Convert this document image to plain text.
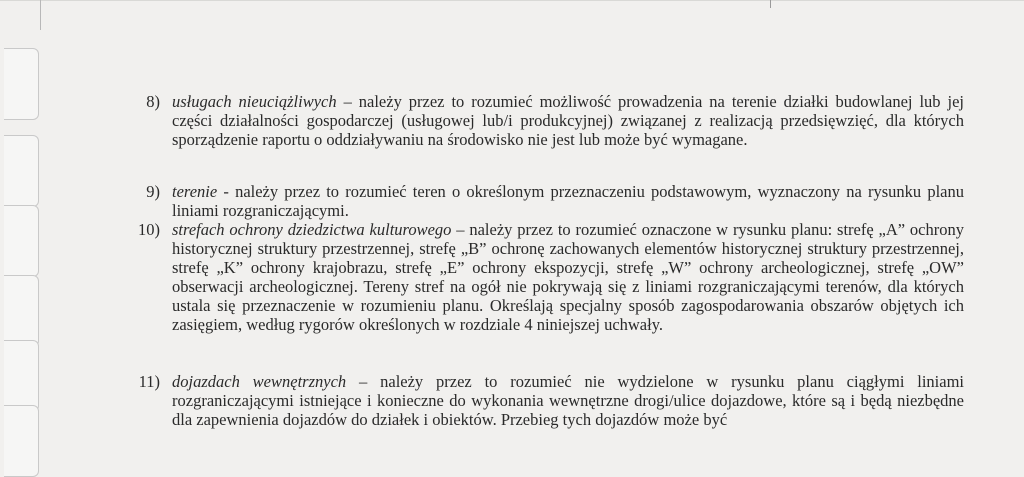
8) usługach nieuciążliwych – należy przez to rozumieć możliwość prowadzenia na terenie działki budowlanej lub jej części działalności gospodarczej (usługowej lub/i produkcyjnej) związanej z realizacją przedsięwzięć, dla których sporządzenie raportu o oddziaływaniu na środowisko nie jest lub może być wymagane.
9) terenie - należy przez to rozumieć teren o określonym przeznaczeniu podstawowym, wyznaczony na rysunku planu liniami rozgraniczającymi.
10) strefach ochrony dziedzictwa kulturowego – należy przez to rozumieć oznaczone w rysunku planu: strefę „A” ochrony historycznej struktury przestrzennej, strefę „B” ochronę zachowanych elementów historycznej struktury przestrzennej, strefę „K” ochrony krajobrazu, strefę „E” ochrony ekspozycji, strefę „W” ochrony archeologicznej, strefę „OW” obserwacji archeologicznej. Tereny stref na ogół nie pokrywają się z liniami rozgraniczającymi terenów, dla których ustala się przeznaczenie w rozumieniu planu. Określają specjalny sposób zagospodarowania obszarów objętych ich zasięgiem, według rygorów określonych w rozdziale 4 niniejszej uchwały.
11) dojazdach wewnętrznych – należy przez to rozumieć nie wydzielone w rysunku planu ciągłymi liniami rozgraniczającymi istniejące i konieczne do wykonania wewnętrzne drogi/ulice dojazdowe, które są i będą niezbędne dla zapewnienia dojazdów do działek i obiektów. Przebieg tych dojazdów może być
